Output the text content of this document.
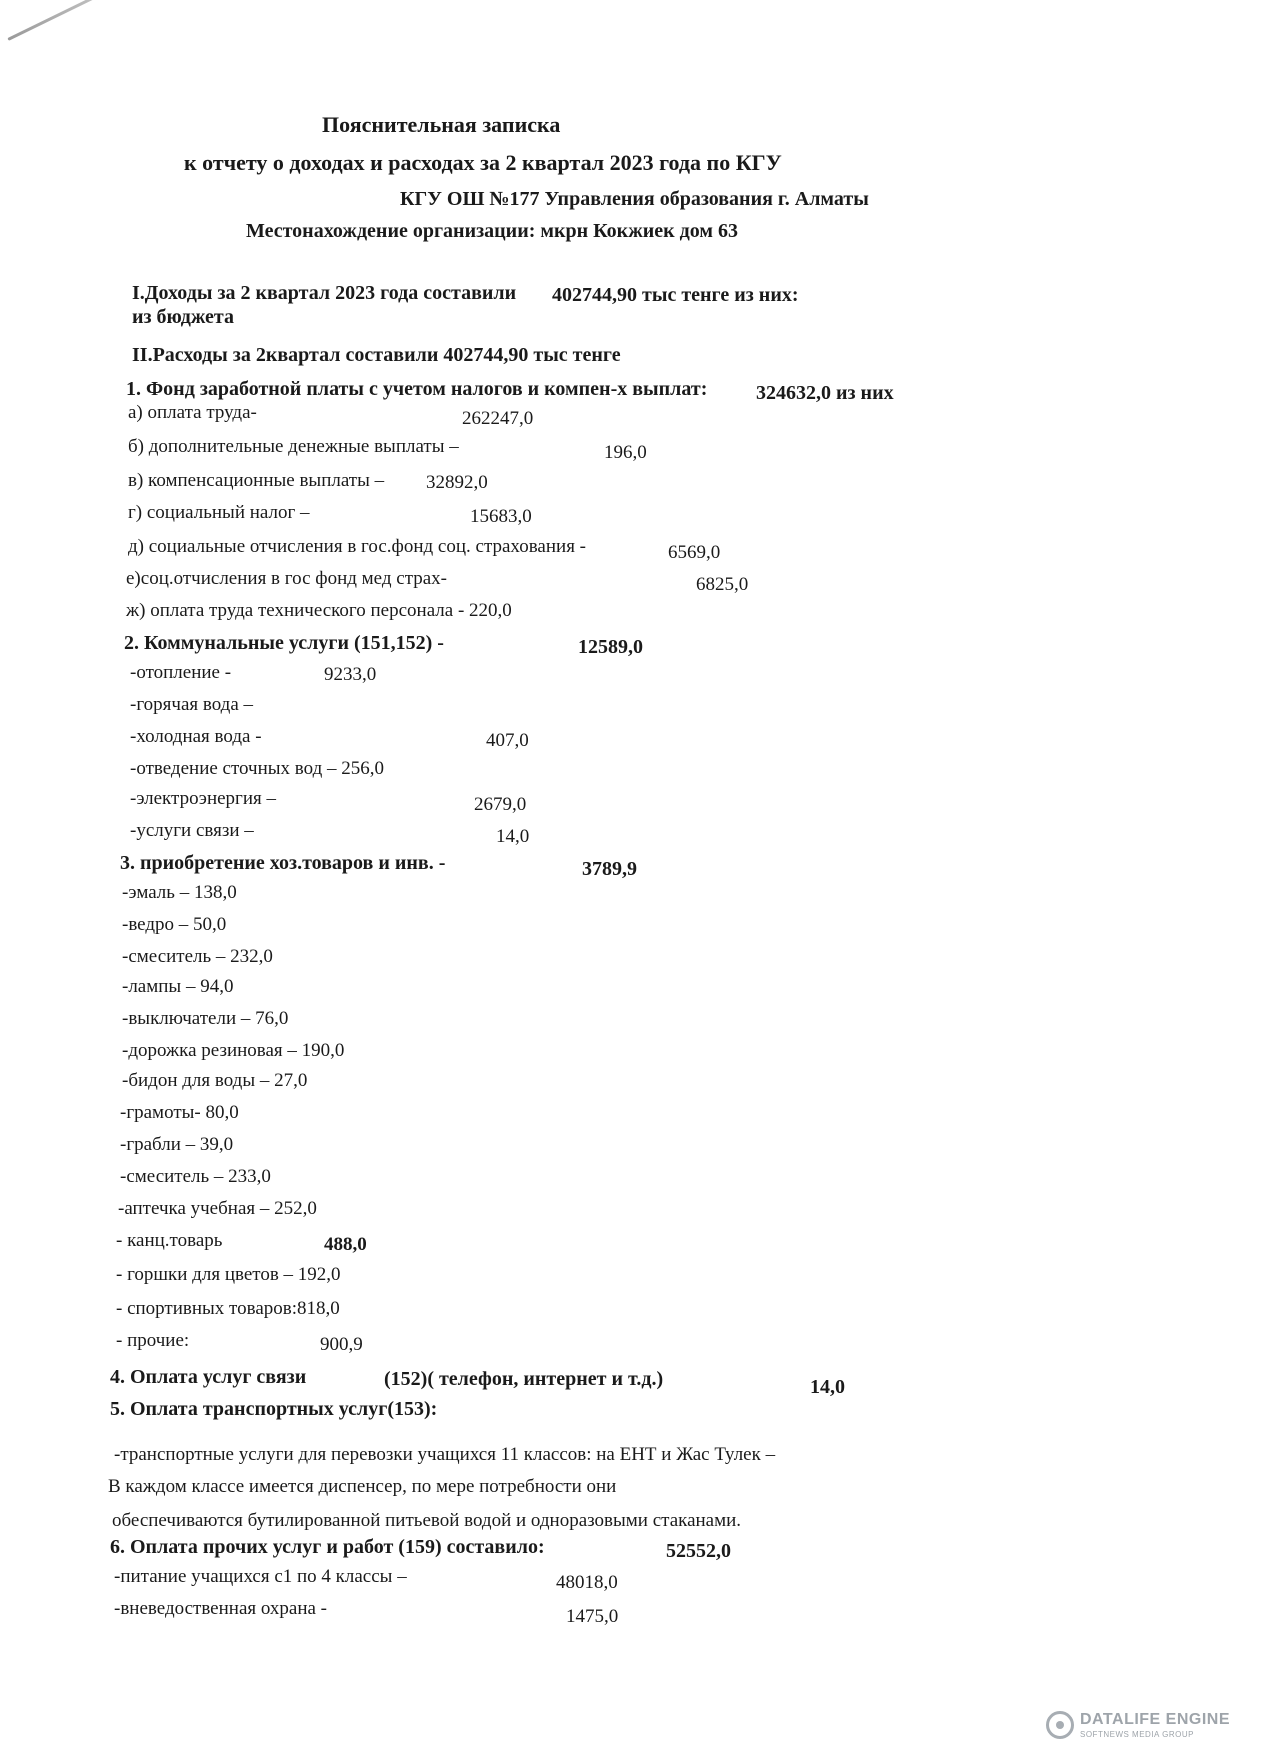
Пояснительная записка
к отчету о доходах и расходах за 2 квартал 2023 года по КГУ
КГУ ОШ №177 Управления образования г. Алматы
Местонахождение организации: мкрн Кокжиек дом 63
I.Доходы за 2 квартал 2023 года составили 402744,90 тыс тенге из них:
из бюджета
II.Расходы за 2квартал составили 402744,90 тыс тенге
1. Фонд заработной платы с учетом налогов и компен-х выплат: 324632,0 из них
а) оплата труда-	262247,0
б) дополнительные денежные выплаты –	196,0
в) компенсационные выплаты – 32892,0
г) социальный налог –	15683,0
д) социальные отчисления в гос.фонд соц. страхования -	6569,0
е)соц.отчисления в гос фонд мед страх-	6825,0
ж) оплата труда технического персонала - 220,0
2. Коммунальные услуги (151,152) -	12589,0
-отопление -	9233,0
-горячая вода –
-холодная вода -	407,0
-отведение сточных вод – 256,0
-электроэнергия –	2679,0
-услуги связи –	14,0
3. приобретение хоз.товаров и инв. -	3789,9
-эмаль – 138,0
-ведро – 50,0
-смеситель – 232,0
-лампы – 94,0
-выключатели – 76,0
-дорожка резиновая – 190,0
-бидон для воды – 27,0
-грамоты- 80,0
-грабли – 39,0
-смеситель – 233,0
-аптечка учебная – 252,0
- канц.товарь	488,0
- горшки для цветов – 192,0
- спортивных товаров:818,0
- прочие:	900,9
4. Оплата услуг связи	(152)( телефон, интернет и т.д.)	14,0
5. Оплата транспортных услуг(153):
-транспортные услуги для перевозки учащихся 11 классов: на ЕНТ и Жас Тулек –
В каждом классе имеется диспенсер, по мере потребности они
обеспечиваются бутилированной питьевой водой и одноразовыми стаканами.
6. Оплата прочих услуг и работ (159) составило:	52552,0
-питание учащихся с1 по 4 классы –	48018,0
-вневедоственная охрана -	1475,0
DATALIFE ENGINE
SOFTNEWS MEDIA GROUP
